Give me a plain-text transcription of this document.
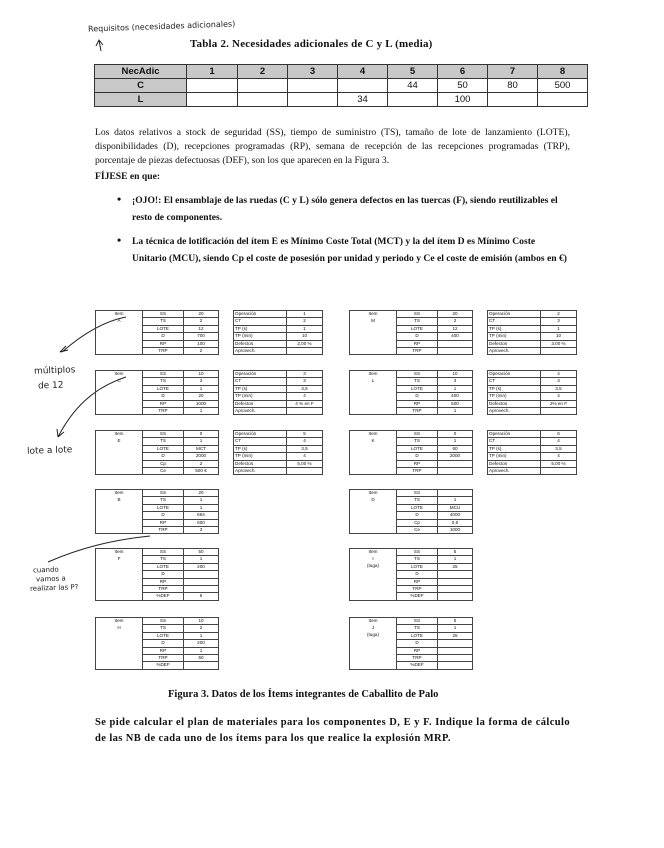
Requisitos (necesidades adicionales)
múltiplos
de 12
lote a lote
cuando
vamos a
realizar las P?
Tabla 2. Necesidades adicionales de C y L (media)
NecAdic	1	2	3	4	5	6	7	8
C					44	50	80	500
L				34		100		
Los datos relativos a stock de seguridad (SS), tiempo de suministro (TS), tamaño de lote de lanzamiento (LOTE), disponibilidades (D), recepciones programadas (RP), semana de recepción de las recepciones programadas (TRP), porcentaje de piezas defectuosas (DEF), son los que aparecen en la Figura 3.
FÍJESE en que:
• ¡OJO!: El ensamblaje de las ruedas (C y L) sólo genera defectos en las tuercas (F), siendo reutilizables el resto de componentes.
• La técnica de lotificación del ítem E es Mínimo Coste Total (MCT) y la del ítem D es Mínimo Coste Unitario (MCU), siendo Cp el coste de posesión por unidad y periodo y Ce el coste de emisión (ambos en €)
Item	SS	20
A	TS	2
	LOTE	12
	D	700
	RP	100
	TRP	2
Operación	1
CT	2
TP (s)	1
TP (min)	10
Defectos	2,00 %
Aprovech.	
Item	SS	10
C	TS	3
	LOTE	1
	D	20
	RP	1000
	TRP	1
Operación	3
CT	3
TP (s)	3,5
TP (min)	4
Defectos	4 % en F
Aprovech.	
Item	SS	0
E	TS	1
	LOTE	MCT
	D	2000
	Cp	2
	Ce	500 €
Operación	5
CT	4
TP (s)	3,5
TP (min)	4
Defectos	5,00 %
Aprovech.	
Item	SS	20
B	TS	1
	LOTE	1
	D	664
	RP	600
	TRP	3
Item	SS	50
F	TS	1
	LOTE	200
	D	
	RP	
	TRP	
	%DEF	6
Item	SS	10
H	TS	2
	LOTE	1
	D	200
	RP	1
	TRP	50
	%DEF	
Item	SS	20
M	TS	2
	LOTE	12
	D	400
	RP	
	TRP	
Operación	2
CT	3
TP (s)	1
TP (min)	10
Defectos	3,00 %
Aprovech.	
Item	SS	10
L	TS	3
	LOTE	1
	D	400
	RP	500
	TRP	1
Operación	4
CT	3
TP (s)	3,5
TP (min)	4
Defectos	2% en F
Aprovech.	
Item	SS	0
K	TS	1
	LOTE	60
	D	2000
	RP	
	TRP	
Operación	6
CT	4
TP (s)	3,5
TP (min)	4
Defectos	5,00 %
Aprovech.	
Item	SS	
D	TS	1
	LOTE	MCU
	D	4000
	Cp	0,5
	Ce	1000
Item	SS	5
I	TS	1
(tuga)	LOTE	25
	D	
	RP	
	TRP	
	%DEF	
Item	SS	5
J	TS	1
(tuga)	LOTE	25
	D	
	RP	
	TRP	
	%DEF	
Figura 3. Datos de los Ítems integrantes de Caballito de Palo
Se pide calcular el plan de materiales para los componentes D, E y F. Indique la forma de cálculo de las NB de cada uno de los ítems para los que realice la explosión MRP.
